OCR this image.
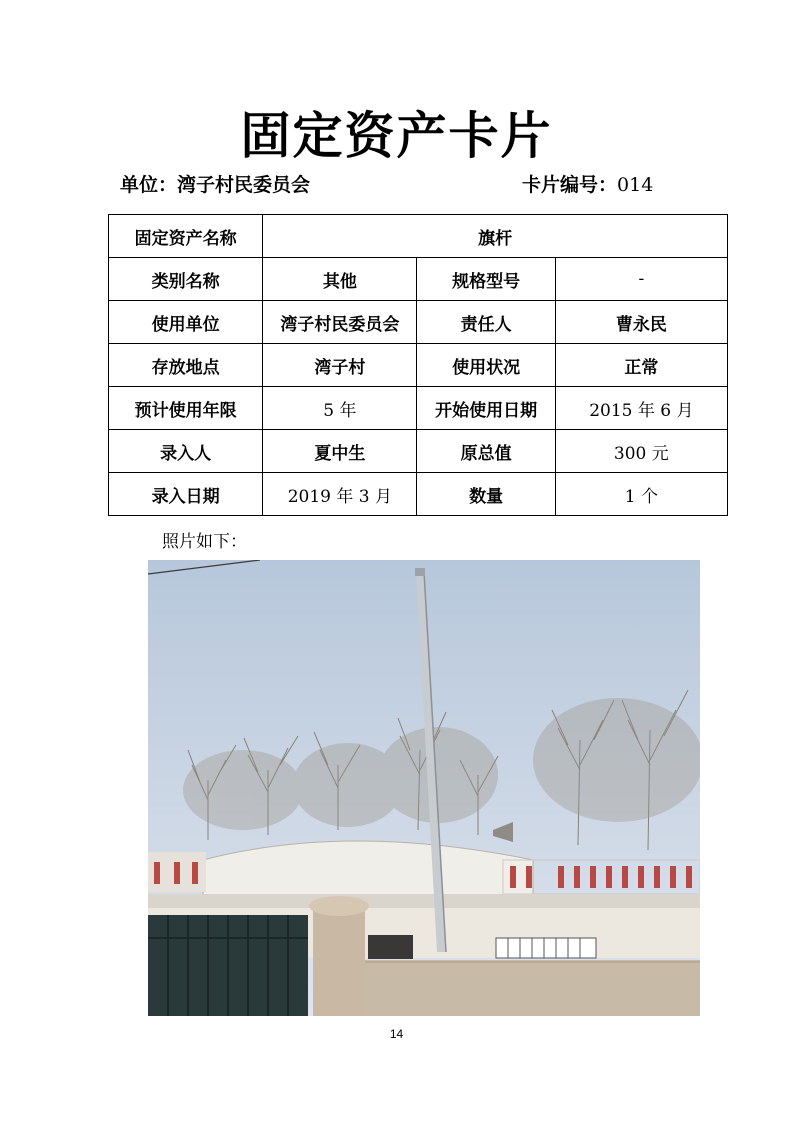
固定资产卡片
单位：湾子村民委员会	卡片编号：014
固定资产名称	旗杆		
类别名称	其他	规格型号	-
使用单位	湾子村民委员会	责任人	曹永民
存放地点	湾子村	使用状况	正常
预计使用年限	5 年	开始使用日期	2015 年 6 月
录入人	夏中生	原总值	300 元
录入日期	2019 年 3 月	数量	1 个
照片如下：
14
